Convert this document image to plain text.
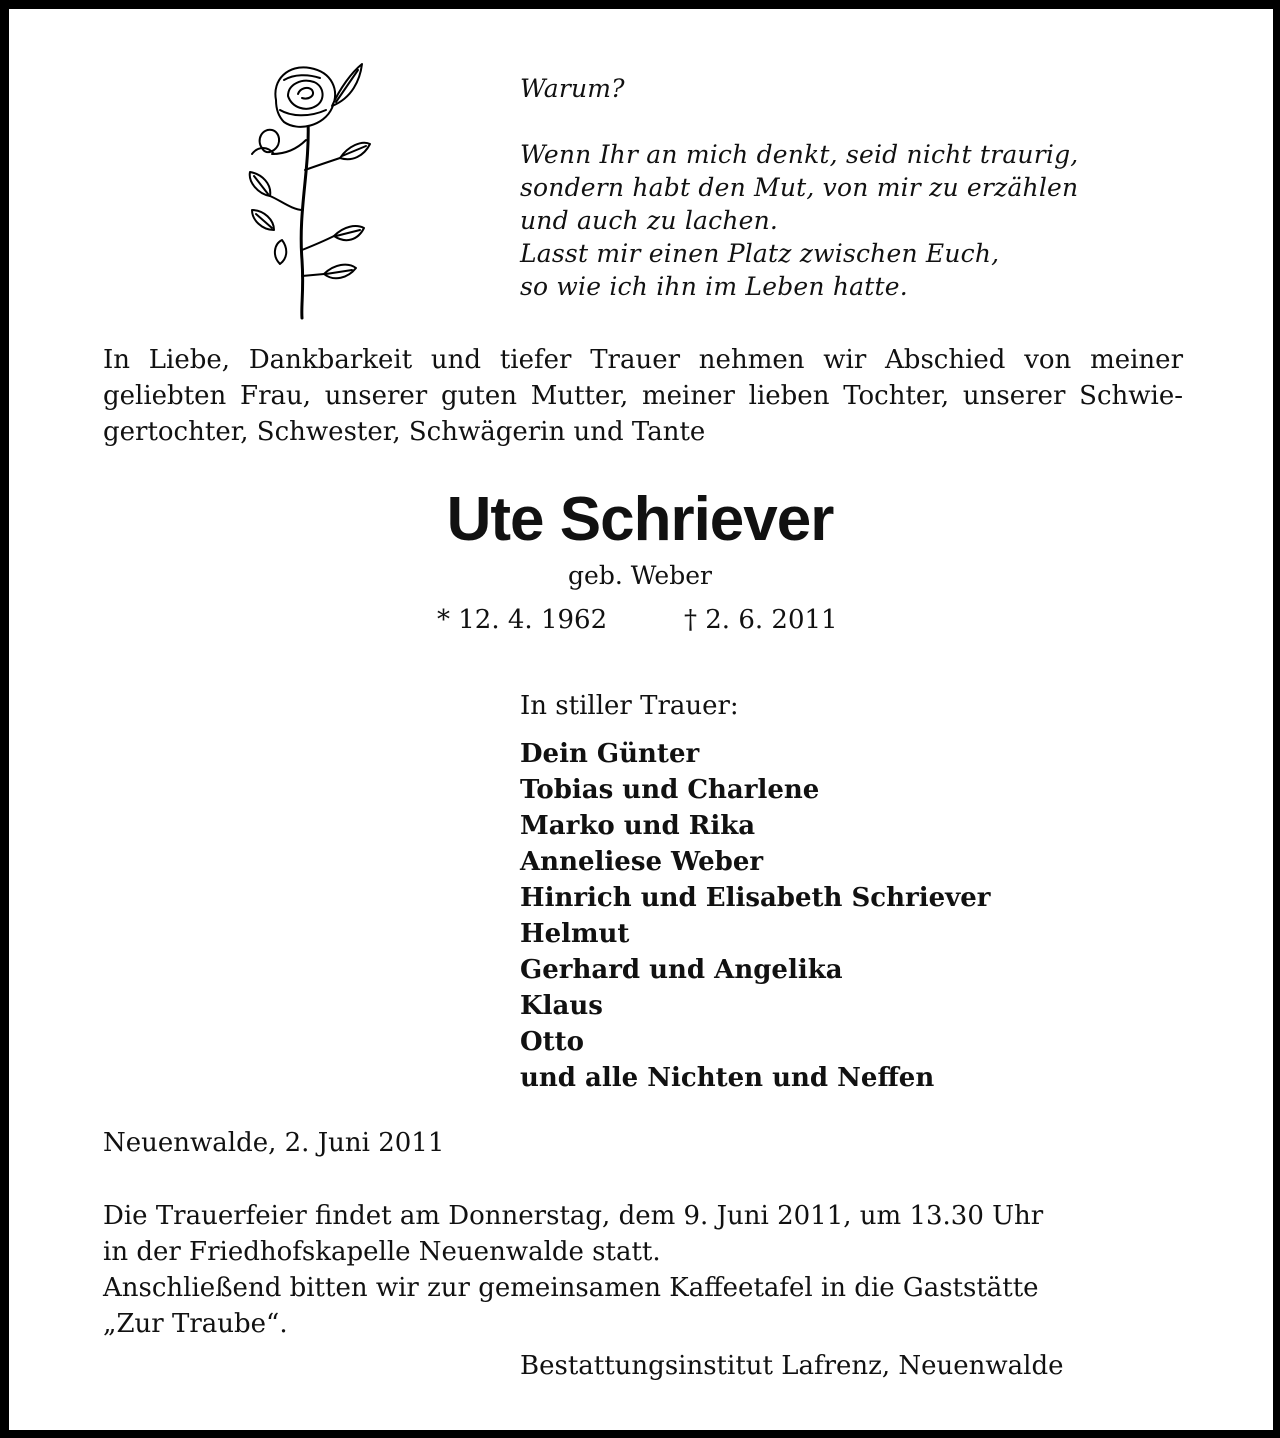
Warum?
Wenn Ihr an mich denkt, seid nicht traurig,
sondern habt den Mut, von mir zu erzählen
und auch zu lachen.
Lasst mir einen Platz zwischen Euch,
so wie ich ihn im Leben hatte.
In Liebe, Dankbarkeit und tiefer Trauer nehmen wir Abschied von meiner geliebten Frau, unserer guten Mutter, meiner lieben Tochter, unserer Schwie-gertochter, Schwester, Schwägerin und Tante
Ute Schriever
geb. Weber
* 12. 4. 1962	† 2. 6. 2011
In stiller Trauer:
Dein Günter
Tobias und Charlene
Marko und Rika
Anneliese Weber
Hinrich und Elisabeth Schriever
Helmut
Gerhard und Angelika
Klaus
Otto
und alle Nichten und Neffen
Neuenwalde, 2. Juni 2011
Die Trauerfeier findet am Donnerstag, dem 9. Juni 2011, um 13.30 Uhr
in der Friedhofskapelle Neuenwalde statt.
Anschließend bitten wir zur gemeinsamen Kaffeetafel in die Gaststätte
„Zur Traube“.
Bestattungsinstitut Lafrenz, Neuenwalde
